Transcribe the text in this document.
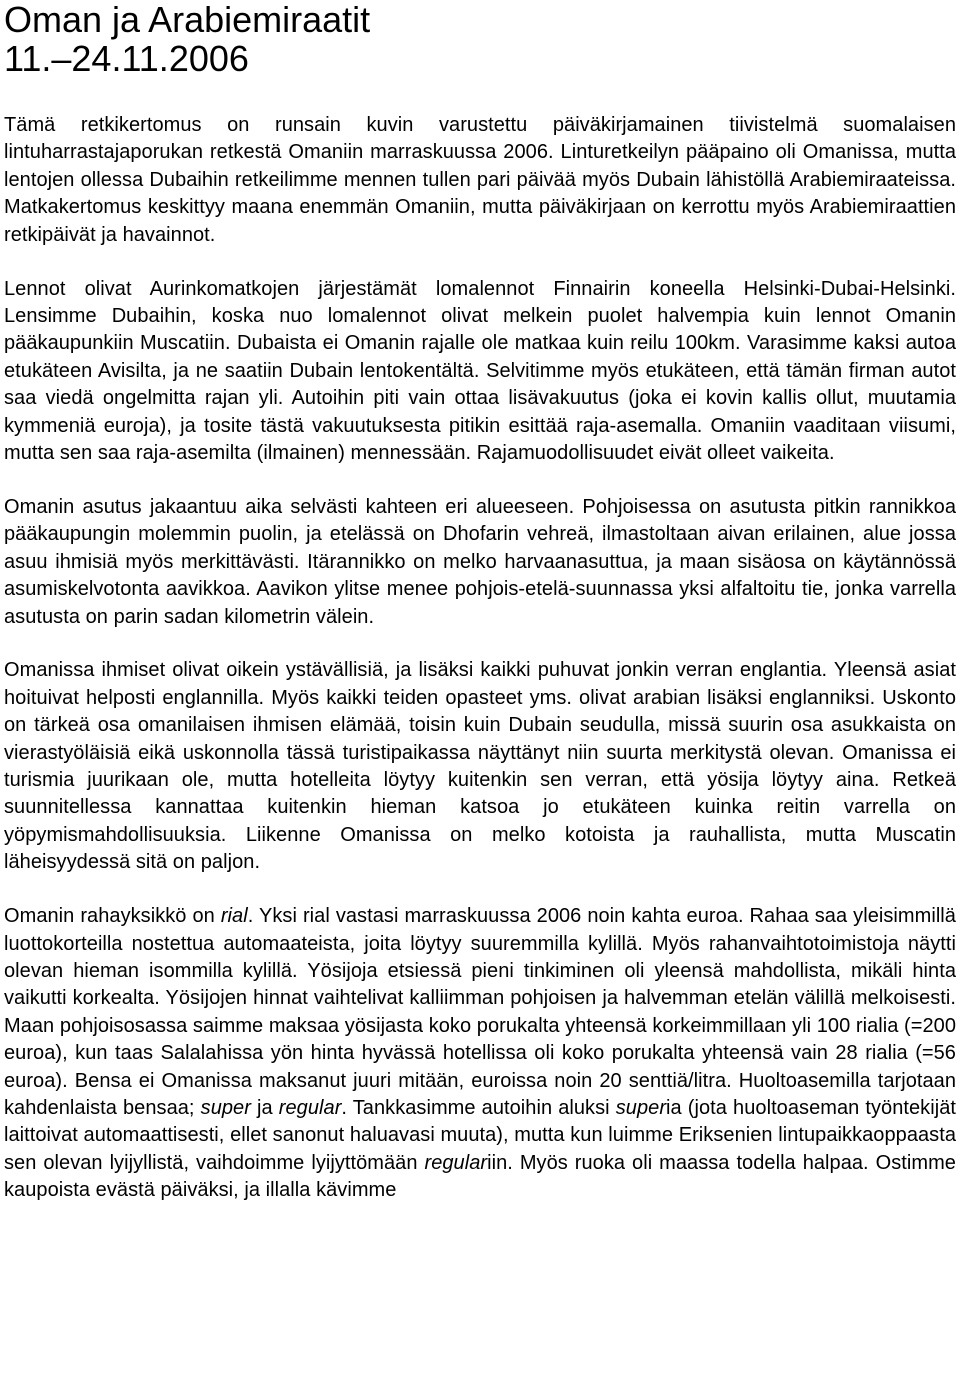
Oman ja Arabiemiraatit
11.–24.11.2006

Tämä retkikertomus on runsain kuvin varustettu päiväkirjamainen tiivistelmä suomalaisen lintuharrastajaporukan retkestä Omaniin marraskuussa 2006. Linturetkeilyn pääpaino oli Omanissa, mutta lentojen ollessa Dubaihin retkeilimme mennen tullen pari päivää myös Dubain lähistöllä Arabiemiraateissa. Matkakertomus keskittyy maana enemmän Omaniin, mutta päiväkirjaan on kerrottu myös Arabiemiraattien retkipäivät ja havainnot.

Lennot olivat Aurinkomatkojen järjestämät lomalennot Finnairin koneella Helsinki-Dubai-Helsinki. Lensimme Dubaihin, koska nuo lomalennot olivat melkein puolet halvempia kuin lennot Omanin pääkaupunkiin Muscatiin. Dubaista ei Omanin rajalle ole matkaa kuin reilu 100km. Varasimme kaksi autoa etukäteen Avisilta, ja ne saatiin Dubain lentokentältä. Selvitimme myös etukäteen, että tämän firman autot saa viedä ongelmitta rajan yli. Autoihin piti vain ottaa lisävakuutus (joka ei kovin kallis ollut, muutamia kymmeniä euroja), ja tosite tästä vakuutuksesta pitikin esittää raja-asemalla. Omaniin vaaditaan viisumi, mutta sen saa raja-asemilta (ilmainen) mennessään. Rajamuodollisuudet eivät olleet vaikeita.

Omanin asutus jakaantuu aika selvästi kahteen eri alueeseen. Pohjoisessa on asutusta pitkin rannikkoa pääkaupungin molemmin puolin, ja etelässä on Dhofarin vehreä, ilmastoltaan aivan erilainen, alue jossa asuu ihmisiä myös merkittävästi. Itärannikko on melko harvaanasuttua, ja maan sisäosa on käytännössä asumiskelvotonta aavikkoa. Aavikon ylitse menee pohjois-etelä-suunnassa yksi alfaltoitu tie, jonka varrella asutusta on parin sadan kilometrin välein.

Omanissa ihmiset olivat oikein ystävällisiä, ja lisäksi kaikki puhuvat jonkin verran englantia. Yleensä asiat hoituivat helposti englannilla. Myös kaikki teiden opasteet yms. olivat arabian lisäksi englanniksi. Uskonto on tärkeä osa omanilaisen ihmisen elämää, toisin kuin Dubain seudulla, missä suurin osa asukkaista on vierastyöläisiä eikä uskonnolla tässä turistipaikassa näyttänyt niin suurta merkitystä olevan. Omanissa ei turismia juurikaan ole, mutta hotelleita löytyy kuitenkin sen verran, että yösija löytyy aina. Retkeä suunnitellessa kannattaa kuitenkin hieman katsoa jo etukäteen kuinka reitin varrella on yöpymismahdollisuuksia. Liikenne Omanissa on melko kotoista ja rauhallista, mutta Muscatin läheisyydessä sitä on paljon.

Omanin rahayksikkö on rial. Yksi rial vastasi marraskuussa 2006 noin kahta euroa. Rahaa saa yleisimmillä luottokorteilla nostettua automaateista, joita löytyy suuremmilla kylillä. Myös rahanvaihtotoimistoja näytti olevan hieman isommilla kylillä. Yösijoja etsiessä pieni tinkiminen oli yleensä mahdollista, mikäli hinta vaikutti korkealta. Yösijojen hinnat vaihtelivat kalliimman pohjoisen ja halvemman etelän välillä melkoisesti. Maan pohjoisosassa saimme maksaa yösijasta koko porukalta yhteensä korkeimmillaan yli 100 rialia (=200 euroa), kun taas Salalahissa yön hinta hyvässä hotellissa oli koko porukalta yhteensä vain 28 rialia (=56 euroa). Bensa ei Omanissa maksanut juuri mitään, euroissa noin 20 senttiä/litra. Huoltoasemilla tarjotaan kahdenlaista bensaa; super ja regular. Tankkasimme autoihin aluksi superia (jota huoltoaseman työntekijät laittoivat automaattisesti, ellet sanonut haluavasi muuta), mutta kun luimme Eriksenien lintupaikkaoppaasta sen olevan lyijyllistä, vaihdoimme lyijyttömään regulariin. Myös ruoka oli maassa todella halpaa. Ostimme kaupoista evästä päiväksi, ja illalla kävimme
